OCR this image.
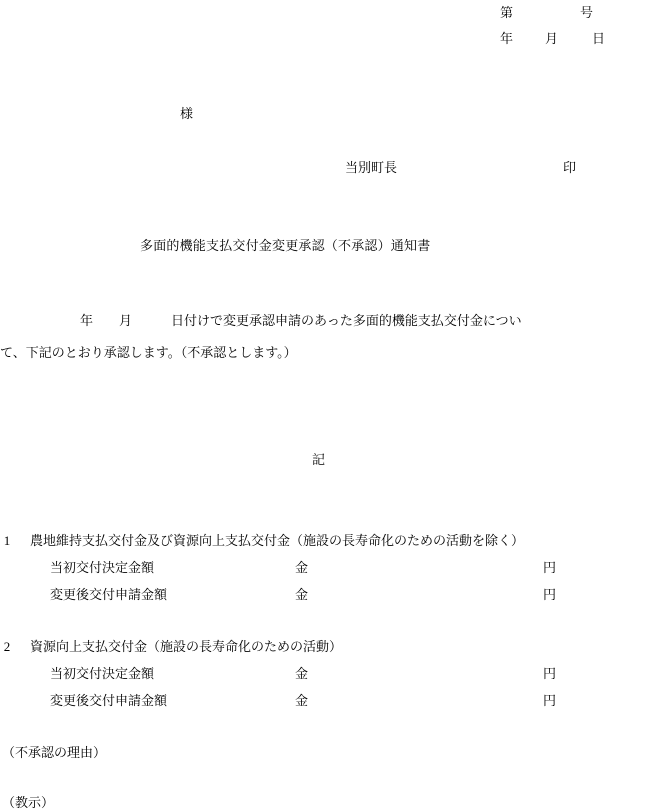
第	号
年 月	日
様
当別町長	印
多面的機能支払交付金変更承認（不承認）通知書
年　　月　　　日付けで変更承認申請のあった多面的機能支払交付金につい
て、下記のとおり承認します。（不承認とします。）
記
1 農地維持支払交付金及び資源向上支払交付金（施設の長寿命化のための活動を除く）
当初交付決定金額	金	円
変更後交付申請金額	金	円
2 資源向上支払交付金（施設の長寿命化のための活動）
当初交付決定金額	金	円
変更後交付申請金額	金	円
（不承認の理由）
（教示）
